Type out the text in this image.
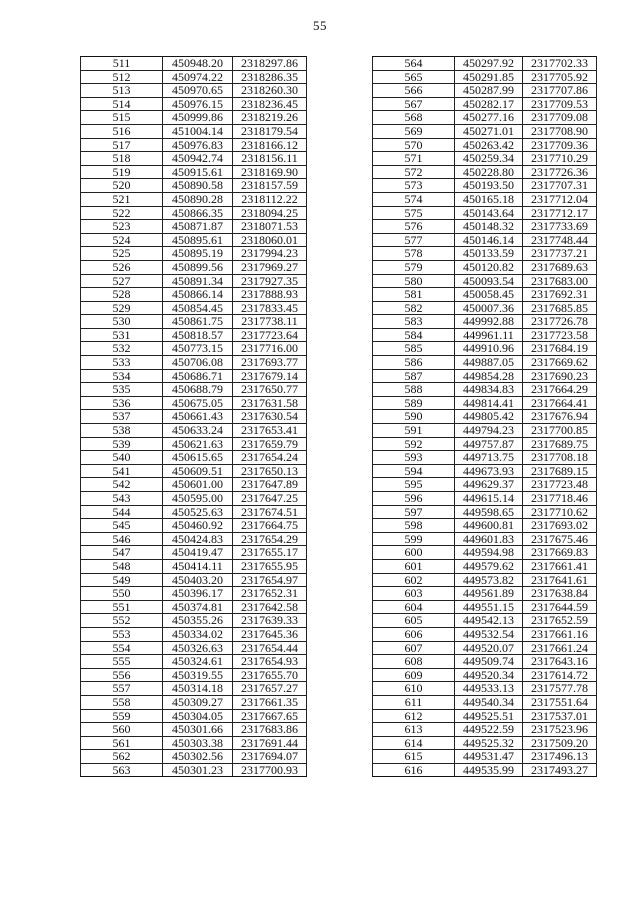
55
511	450948.20	2318297.86
512	450974.22	2318286.35
513	450970.65	2318260.30
514	450976.15	2318236.45
515	450999.86	2318219.26
516	451004.14	2318179.54
517	450976.83	2318166.12
518	450942.74	2318156.11
519	450915.61	2318169.90
520	450890.58	2318157.59
521	450890.28	2318112.22
522	450866.35	2318094.25
523	450871.87	2318071.53
524	450895.61	2318060.01
525	450895.19	2317994.23
526	450899.56	2317969.27
527	450891.34	2317927.35
528	450866.14	2317888.93
529	450854.45	2317833.45
530	450861.75	2317738.11
531	450818.57	2317723.64
532	450773.15	2317716.00
533	450706.08	2317693.77
534	450686.71	2317679.14
535	450688.79	2317650.77
536	450675.05	2317631.58
537	450661.43	2317630.54
538	450633.24	2317653.41
539	450621.63	2317659.79
540	450615.65	2317654.24
541	450609.51	2317650.13
542	450601.00	2317647.89
543	450595.00	2317647.25
544	450525.63	2317674.51
545	450460.92	2317664.75
546	450424.83	2317654.29
547	450419.47	2317655.17
548	450414.11	2317655.95
549	450403.20	2317654.97
550	450396.17	2317652.31
551	450374.81	2317642.58
552	450355.26	2317639.33
553	450334.02	2317645.36
554	450326.63	2317654.44
555	450324.61	2317654.93
556	450319.55	2317655.70
557	450314.18	2317657.27
558	450309.27	2317661.35
559	450304.05	2317667.65
560	450301.66	2317683.86
561	450303.38	2317691.44
562	450302.56	2317694.07
563	450301.23	2317700.93
564	450297.92	2317702.33
565	450291.85	2317705.92
566	450287.99	2317707.86
567	450282.17	2317709.53
568	450277.16	2317709.08
569	450271.01	2317708.90
570	450263.42	2317709.36
571	450259.34	2317710.29
572	450228.80	2317726.36
573	450193.50	2317707.31
574	450165.18	2317712.04
575	450143.64	2317712.17
576	450148.32	2317733.69
577	450146.14	2317748.44
578	450133.59	2317737.21
579	450120.82	2317689.63
580	450093.54	2317683.00
581	450058.45	2317692.31
582	450007.36	2317685.85
583	449992.88	2317726.78
584	449961.11	2317723.58
585	449910.96	2317684.19
586	449887.05	2317669.62
587	449854.28	2317690.23
588	449834.83	2317664.29
589	449814.41	2317664.41
590	449805.42	2317676.94
591	449794.23	2317700.85
592	449757.87	2317689.75
593	449713.75	2317708.18
594	449673.93	2317689.15
595	449629.37	2317723.48
596	449615.14	2317718.46
597	449598.65	2317710.62
598	449600.81	2317693.02
599	449601.83	2317675.46
600	449594.98	2317669.83
601	449579.62	2317661.41
602	449573.82	2317641.61
603	449561.89	2317638.84
604	449551.15	2317644.59
605	449542.13	2317652.59
606	449532.54	2317661.16
607	449520.07	2317661.24
608	449509.74	2317643.16
609	449520.34	2317614.72
610	449533.13	2317577.78
611	449540.34	2317551.64
612	449525.51	2317537.01
613	449522.59	2317523.96
614	449525.32	2317509.20
615	449531.47	2317496.13
616	449535.99	2317493.27
